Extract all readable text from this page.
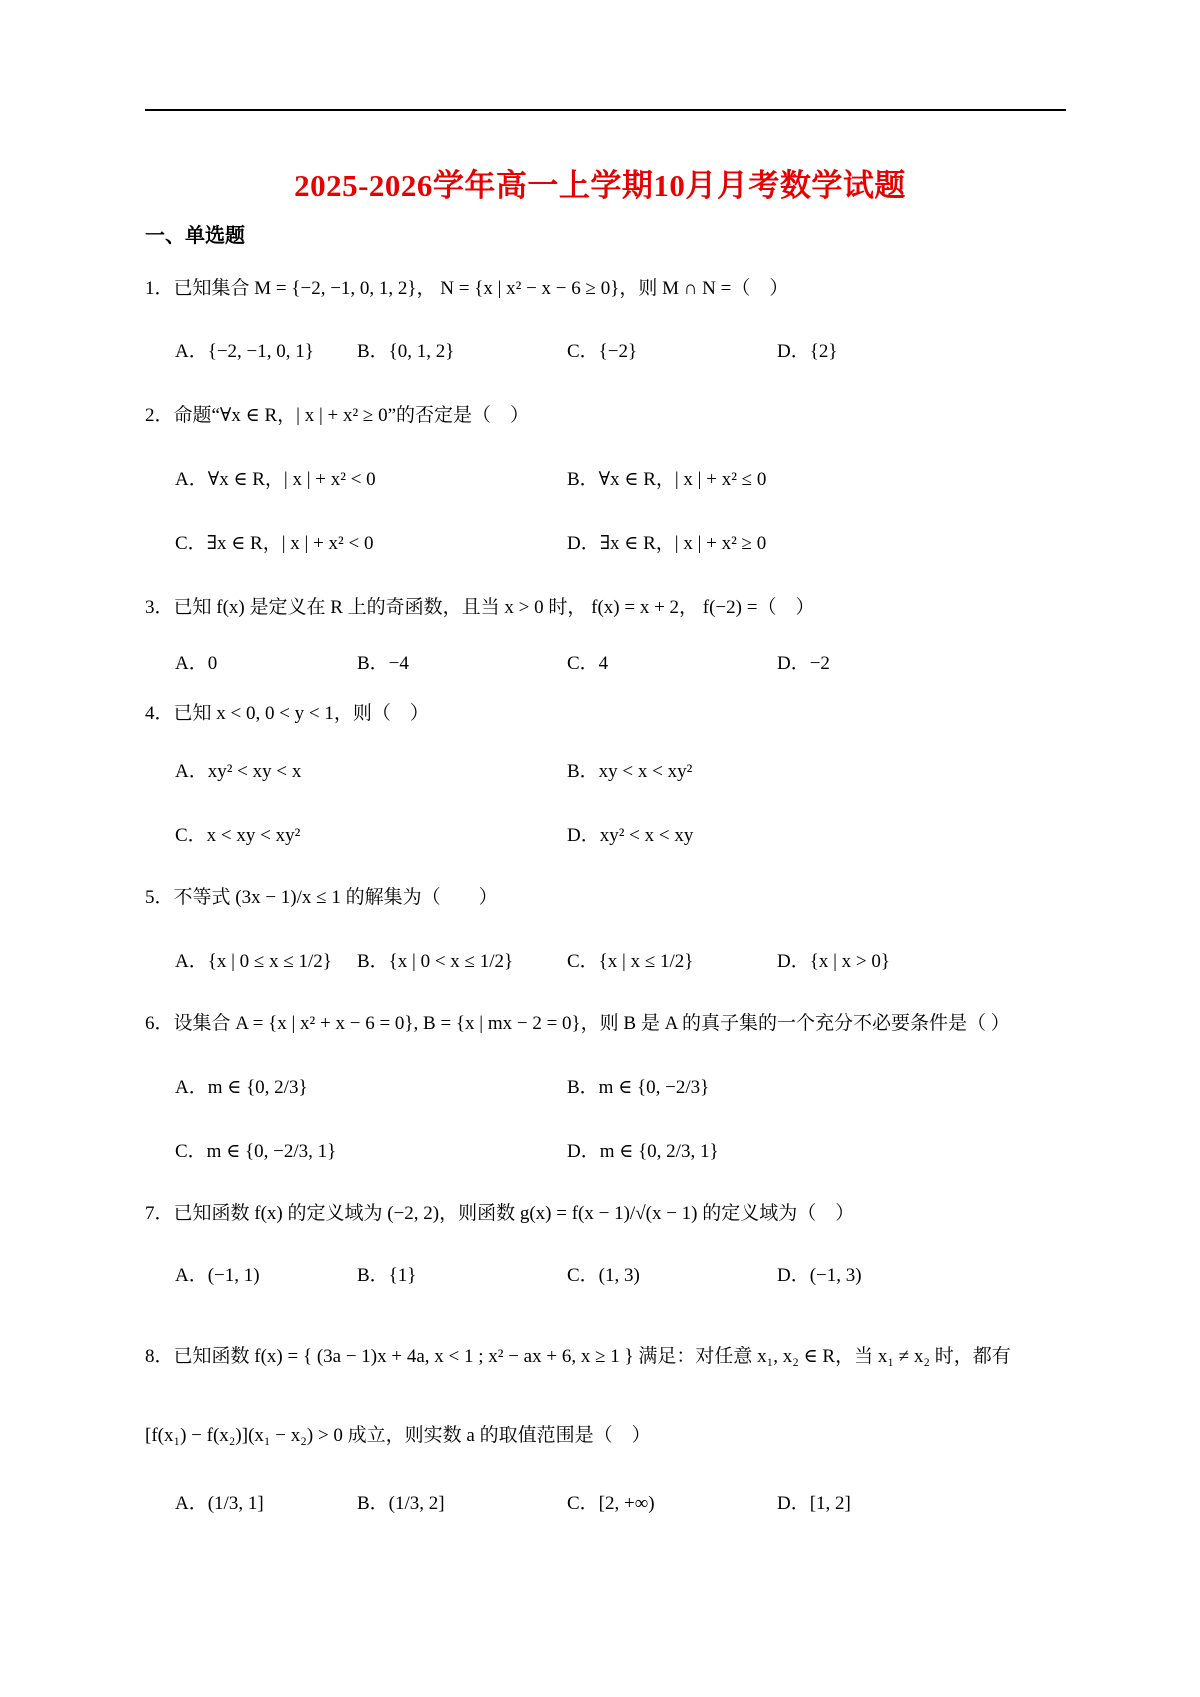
2025-2026学年高一上学期10月月考数学试题
一、单选题
1．已知集合 M = {−2, −1, 0, 1, 2}， N = {x | x² − x − 6 ≥ 0}，则 M ∩ N =（　）
A．{−2, −1, 0, 1} B．{0, 1, 2}	C．{−2}	D．{2}
2．命题“∀x ∈ R，| x | + x² ≥ 0”的否定是（　）
A．∀x ∈ R，| x | + x² < 0	B．∀x ∈ R，| x | + x² ≤ 0
C．∃x ∈ R，| x | + x² < 0	D．∃x ∈ R，| x | + x² ≥ 0
3．已知 f(x) 是定义在 R 上的奇函数，且当 x > 0 时， f(x) = x + 2， f(−2) =（　）
A．0	B．−4	C．4	D．−2
4．已知 x < 0, 0 < y < 1，则（　）
A．xy² < xy < x	B．xy < x < xy²
C．x < xy < xy²	D．xy² < x < xy
5．不等式 (3x − 1)/x ≤ 1 的解集为（　　）
A．{x | 0 ≤ x ≤ 1/2} B．{x | 0 < x ≤ 1/2}	C．{x | x ≤ 1/2}	D．{x | x > 0}
6．设集合 A = {x | x² + x − 6 = 0}, B = {x | mx − 2 = 0}，则 B 是 A 的真子集的一个充分不必要条件是（ ）
A．m ∈ {0, 2/3}	B．m ∈ {0, −2/3}
C．m ∈ {0, −2/3, 1}	D．m ∈ {0, 2/3, 1}
7．已知函数 f(x) 的定义域为 (−2, 2)，则函数 g(x) = f(x − 1)/√(x − 1) 的定义域为（　）
A．(−1, 1)	B．{1}	C．(1, 3)	D．(−1, 3)
8．已知函数 f(x) = { (3a − 1)x + 4a, x < 1 ; x² − ax + 6, x ≥ 1 } 满足：对任意 x₁, x₂ ∈ R，当 x₁ ≠ x₂ 时，都有
[f(x₁) − f(x₂)](x₁ − x₂) > 0 成立，则实数 a 的取值范围是（　）
A．(1/3, 1]	B．(1/3, 2]	C．[2, +∞)	D．[1, 2]
